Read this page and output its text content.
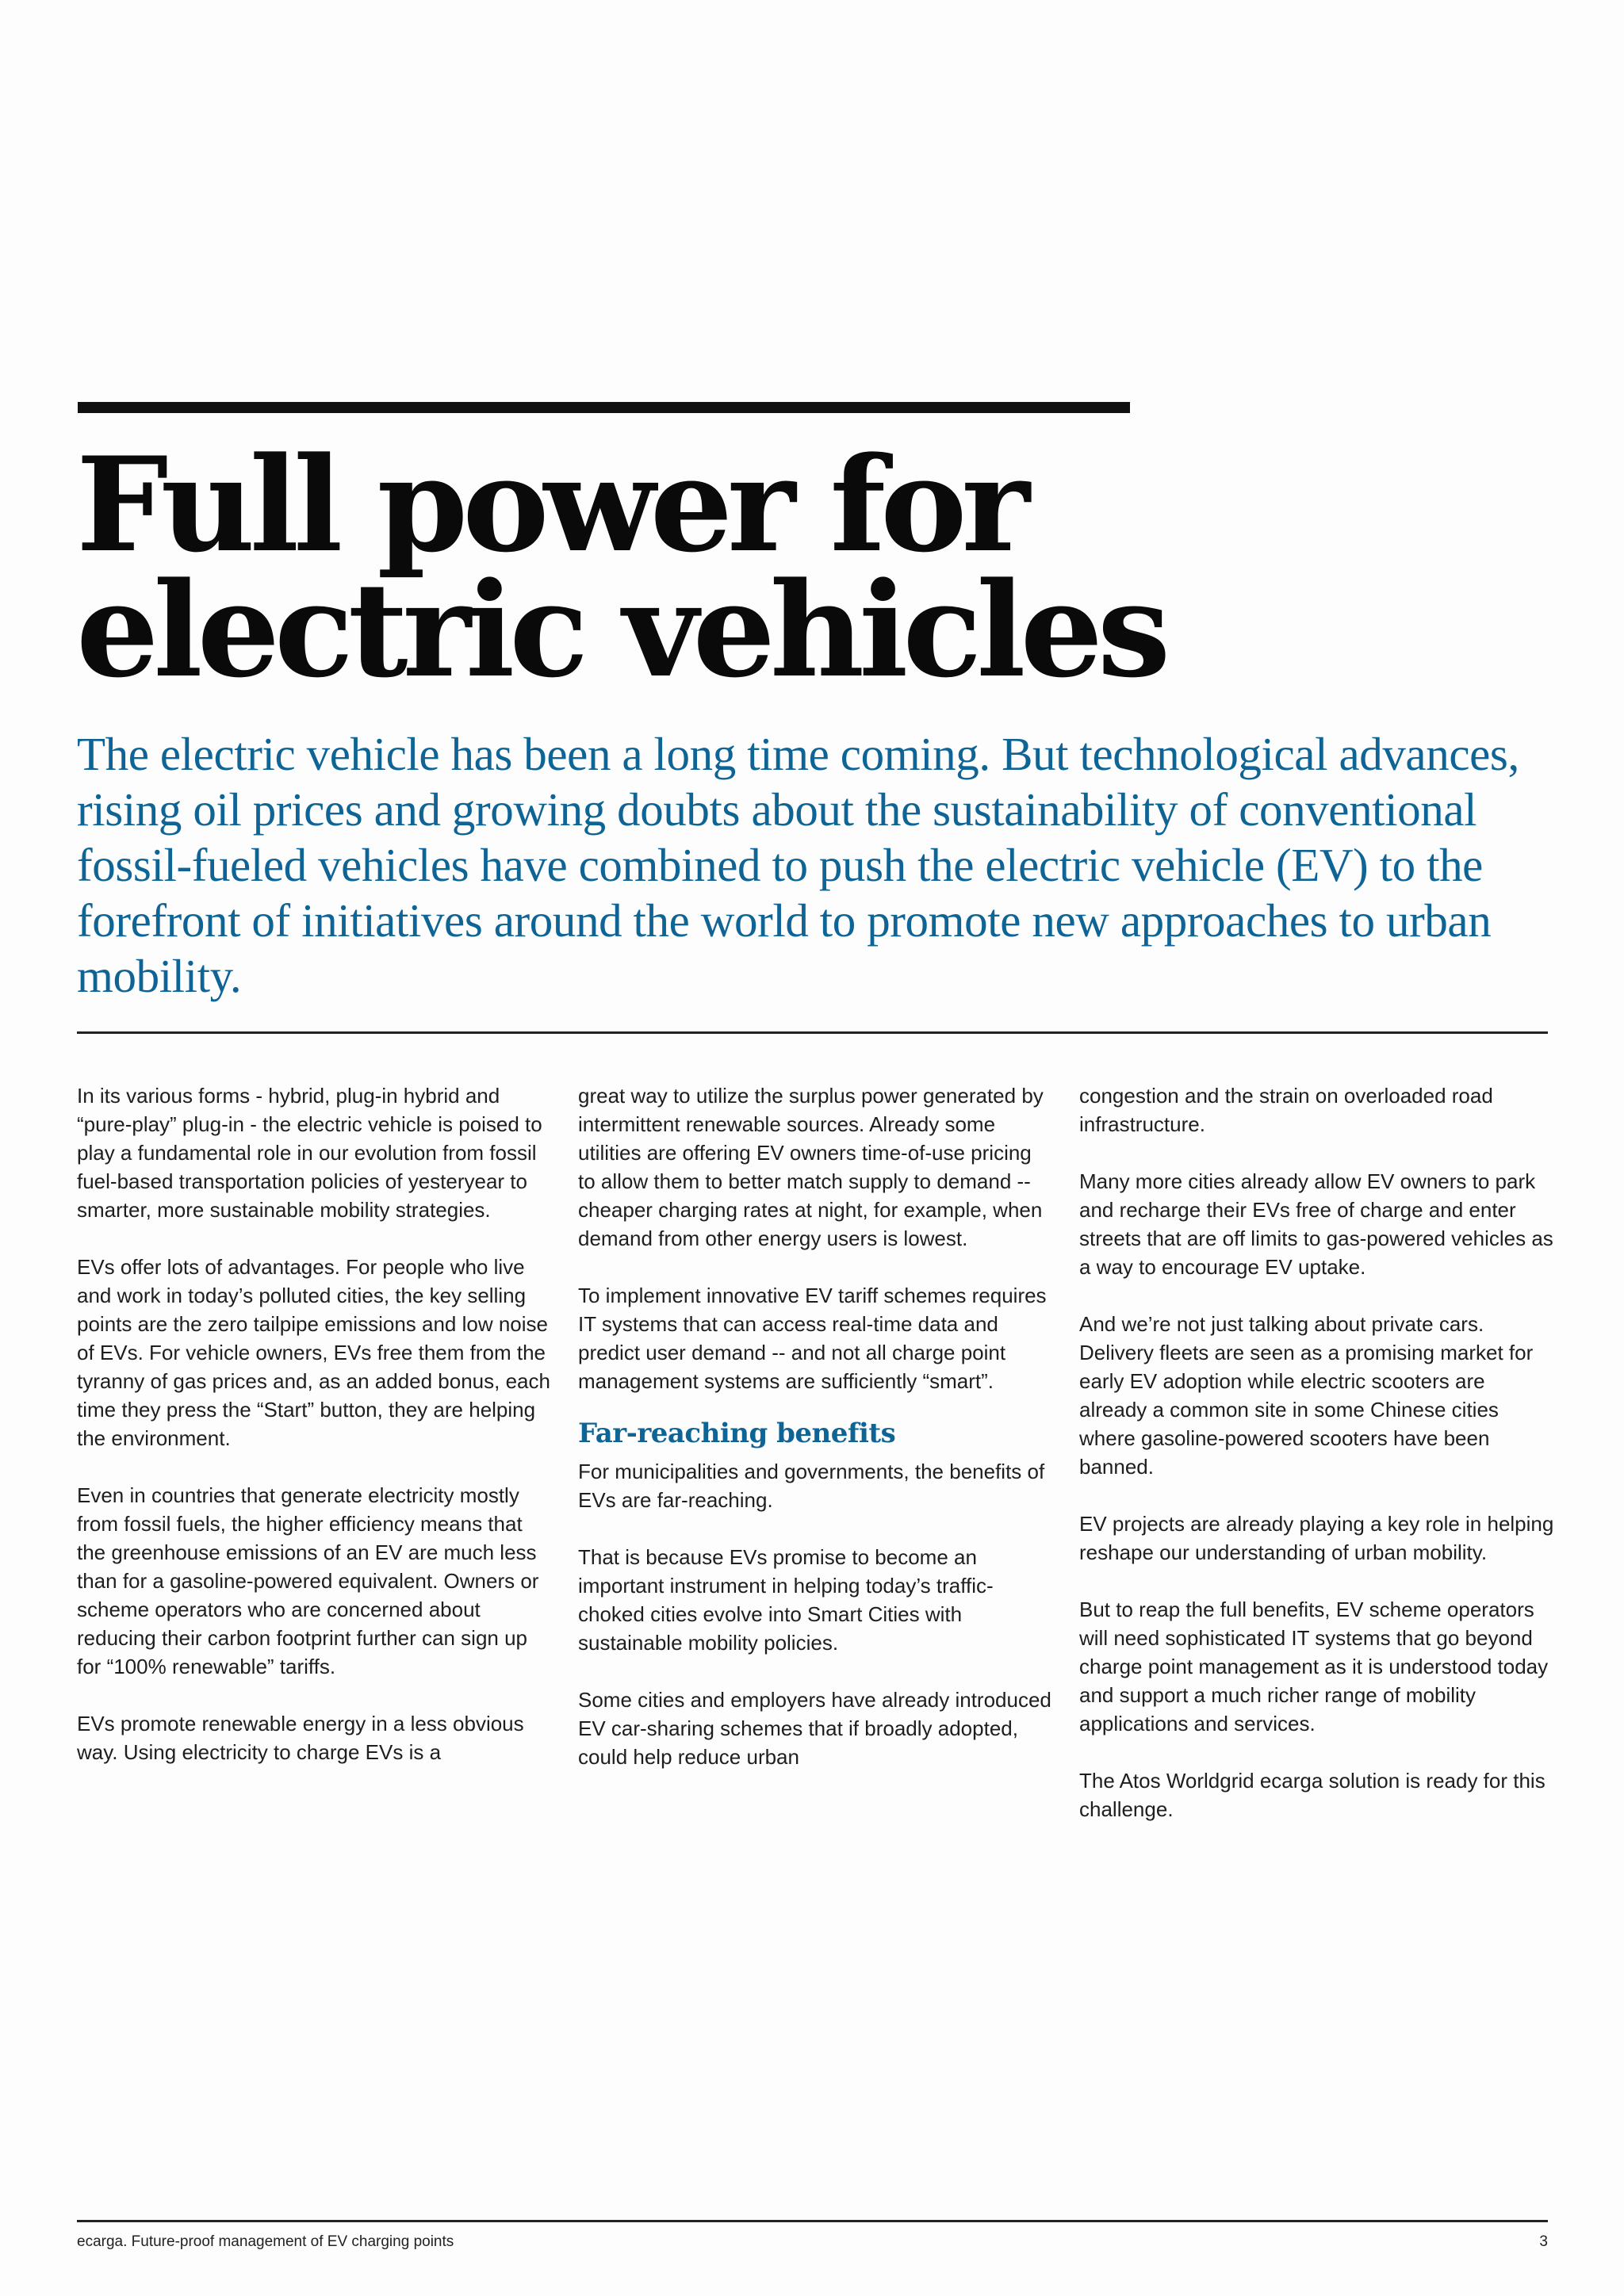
Full power for
electric vehicles

The electric vehicle has been a long time coming. But technological advances, rising oil prices and growing doubts about the sustainability of conventional fossil-fueled vehicles have combined to push the electric vehicle (EV) to the forefront of initiatives around the world to promote new approaches to urban mobility.

In its various forms - hybrid, plug-in hybrid and “pure-play” plug-in - the electric vehicle is poised to play a fundamental role in our evolution from fossil fuel-based transportation policies of yesteryear to smarter, more sustainable mobility strategies.

EVs offer lots of advantages. For people who live and work in today’s polluted cities, the key selling points are the zero tailpipe emissions and low noise of EVs. For vehicle owners, EVs free them from the tyranny of gas prices and, as an added bonus, each time they press the “Start” button, they are helping the environment.

Even in countries that generate electricity mostly from fossil fuels, the higher efficiency means that the greenhouse emissions of an EV are much less than for a gasoline-powered equivalent. Owners or scheme operators who are concerned about reducing their carbon footprint further can sign up for “100% renewable” tariffs.

EVs promote renewable energy in a less obvious way. Using electricity to charge EVs is a

great way to utilize the surplus power generated by intermittent renewable sources. Already some utilities are offering EV owners time-of-use pricing to allow them to better match supply to demand -- cheaper charging rates at night, for example, when demand from other energy users is lowest.

To implement innovative EV tariff schemes requires IT systems that can access real-time data and predict user demand -- and not all charge point management systems are sufficiently “smart”.

Far-reaching benefits

For municipalities and governments, the benefits of EVs are far-reaching.

That is because EVs promise to become an important instrument in helping today’s traffic-choked cities evolve into Smart Cities with sustainable mobility policies.

Some cities and employers have already introduced EV car-sharing schemes that if broadly adopted, could help reduce urban

congestion and the strain on overloaded road infrastructure.

Many more cities already allow EV owners to park and recharge their EVs free of charge and enter streets that are off limits to gas-powered vehicles as a way to encourage EV uptake.

And we’re not just talking about private cars. Delivery fleets are seen as a promising market for early EV adoption while electric scooters are already a common site in some Chinese cities where gasoline-powered scooters have been banned.

EV projects are already playing a key role in helping reshape our understanding of urban mobility.

But to reap the full benefits, EV scheme operators will need sophisticated IT systems that go beyond charge point management as it is understood today and support a much richer range of mobility applications and services.

The Atos Worldgrid ecarga solution is ready for this challenge.

ecarga. Future-proof management of EV charging points	3
